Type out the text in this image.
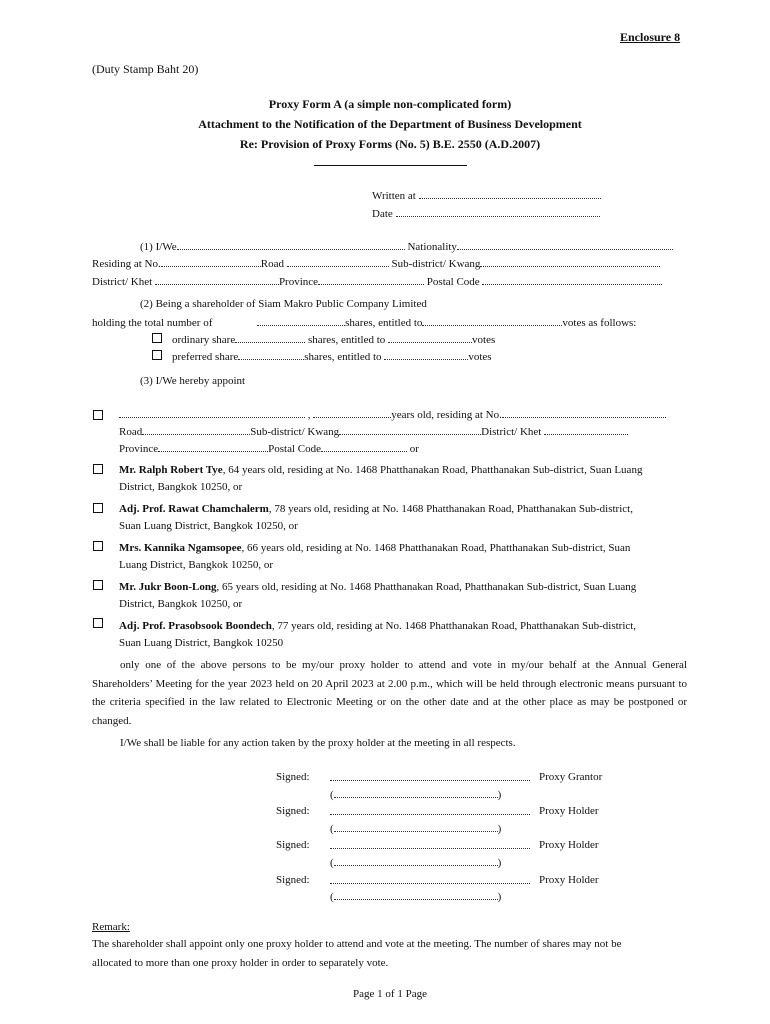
Enclosure 8
(Duty Stamp Baht 20)
Proxy Form A (a simple non-complicated form)
Attachment to the Notification of the Department of Business Development
Re: Provision of Proxy Forms (No. 5) B.E. 2550 (A.D.2007)
Written at
Date
(1) I/We	Nationality
Residing at No.	Road	Sub-district/ Kwang
District/ Khet	Province	Postal Code
(2) Being a shareholder of Siam Makro Public Company Limited
holding the total number of	shares, entitled to	votes as follows:
ordinary share	shares, entitled to	votes
preferred share	shares, entitled to	votes
(3) I/We hereby appoint
,	years old, residing at No.
Road	Sub-district/ Kwang	District/ Khet
Province	Postal Code	or
Mr. Ralph Robert Tye, 64 years old, residing at No. 1468 Phatthanakan Road, Phatthanakan Sub-district, Suan Luang
District, Bangkok 10250, or
Adj. Prof. Rawat Chamchalerm, 78 years old, residing at No. 1468 Phatthanakan Road, Phatthanakan Sub-district,
Suan Luang District, Bangkok 10250, or
Mrs. Kannika Ngamsopee, 66 years old, residing at No. 1468 Phatthanakan Road, Phatthanakan Sub-district, Suan
Luang District, Bangkok 10250, or
Mr. Jukr Boon-Long, 65 years old, residing at No. 1468 Phatthanakan Road, Phatthanakan Sub-district, Suan Luang
District, Bangkok 10250, or
Adj. Prof. Prasobsook Boondech, 77 years old, residing at No. 1468 Phatthanakan Road, Phatthanakan Sub-district,
Suan Luang District, Bangkok 10250
only one of the above persons to be my/our proxy holder to attend and vote in my/our behalf at the Annual General Shareholders’ Meeting for the year 2023 held on 20 April 2023 at 2.00 p.m., which will be held through electronic means pursuant to the criteria specified in the law related to Electronic Meeting or on the other date and at the other place as may be postponed or changed.
I/We shall be liable for any action taken by the proxy holder at the meeting in all respects.
Signed:	Proxy Grantor
(	)
Signed:	Proxy Holder
(	)
Signed:	Proxy Holder
(	)
Signed:	Proxy Holder
(	)
Remark:
The shareholder shall appoint only one proxy holder to attend and vote at the meeting. The number of shares may not be
allocated to more than one proxy holder in order to separately vote.
Page 1 of 1 Page
